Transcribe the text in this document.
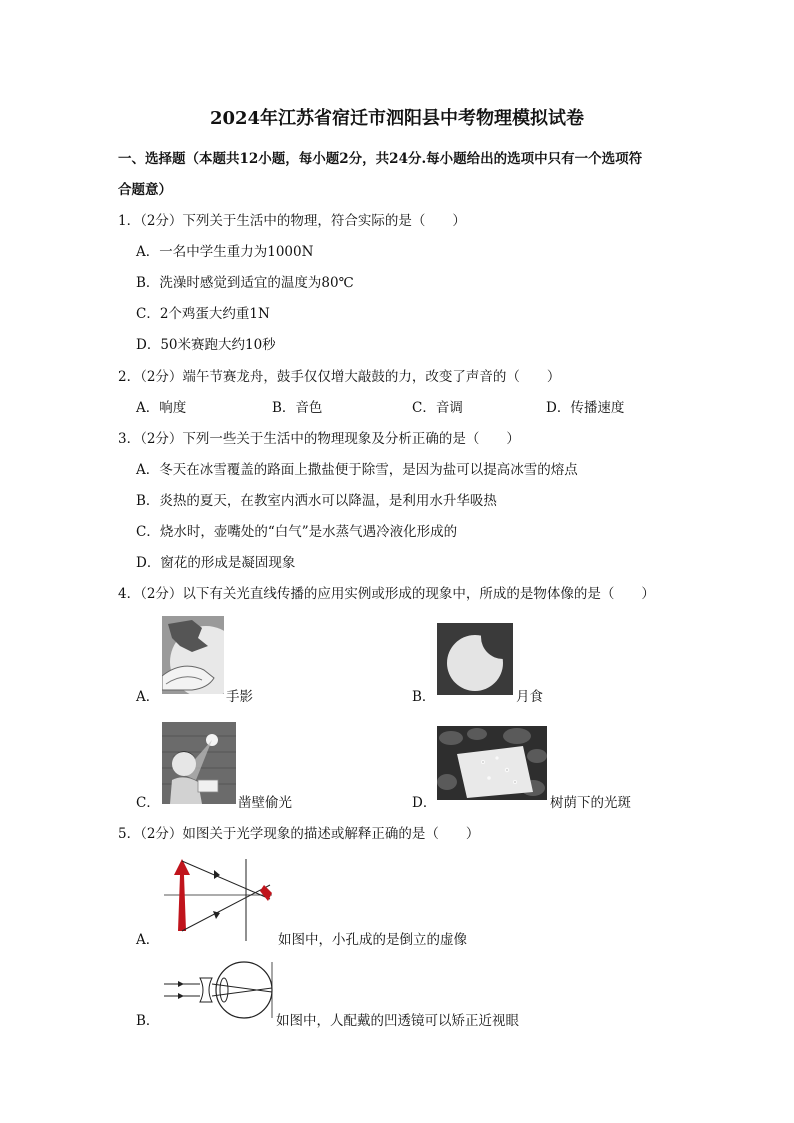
2024年江苏省宿迁市泗阳县中考物理模拟试卷
一、选择题（本题共12小题，每小题2分，共24分.每小题给出的选项中只有一个选项符
合题意）
1．（2分）下列关于生活中的物理，符合实际的是（　　）
A．一名中学生重力为1000N
B．洗澡时感觉到适宜的温度为80℃
C．2个鸡蛋大约重1N
D．50米赛跑大约10秒
2．（2分）端午节赛龙舟，鼓手仅仅增大敲鼓的力，改变了声音的（　　）
A．响度	B．音色	C．音调	D．传播速度
3．（2分）下列一些关于生活中的物理现象及分析正确的是（　　）
A．冬天在冰雪覆盖的路面上撒盐便于除雪，是因为盐可以提高冰雪的熔点
B．炎热的夏天，在教室内洒水可以降温，是利用水升华吸热
C．烧水时，壶嘴处的“白气”是水蒸气遇冷液化形成的
D．窗花的形成是凝固现象
4．（2分）以下有关光直线传播的应用实例或形成的现象中，所成的是物体像的是（　　）
A．	手影	B．	月食
C．	凿壁偷光	D．	树荫下的光斑
5．（2分）如图关于光学现象的描述或解释正确的是（　　）
A．	如图中，小孔成的是倒立的虚像
B．	如图中，人配戴的凹透镜可以矫正近视眼
